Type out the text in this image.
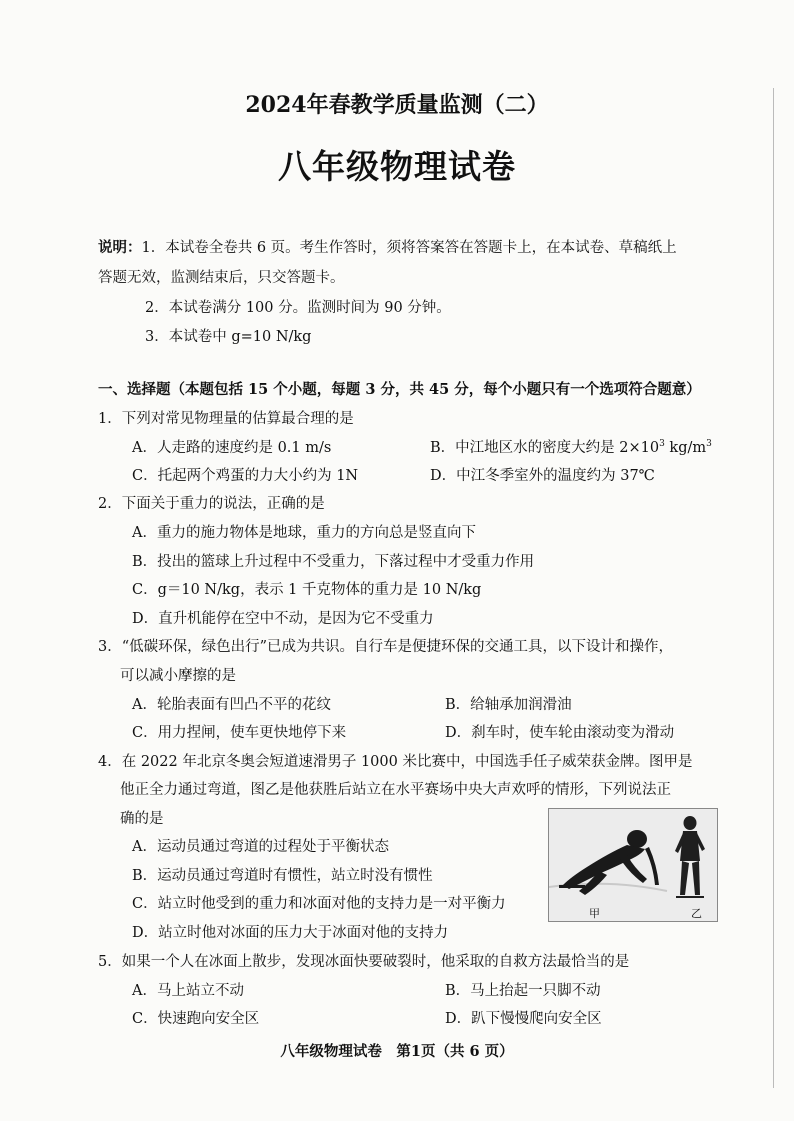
2024年春教学质量监测（二）
八年级物理试卷
说明：1．本试卷全卷共 6 页。考生作答时，须将答案答在答题卡上，在本试卷、草稿纸上
答题无效，监测结束后，只交答题卡。
2．本试卷满分 100 分。监测时间为 90 分钟。
3．本试卷中 g=10 N/kg
一、选择题（本题包括 15 个小题，每题 3 分，共 45 分，每个小题只有一个选项符合题意）
1．下列对常见物理量的估算最合理的是
A．人走路的速度约是 0.1 m/s	B．中江地区水的密度大约是 $2\times 10^3$ $kg/m^3$
C．托起两个鸡蛋的力大小约为 1N	D．中江冬季室外的温度约为 37℃
2．下面关于重力的说法，正确的是
A．重力的施力物体是地球，重力的方向总是竖直向下
B．投出的篮球上升过程中不受重力，下落过程中才受重力作用
C．g＝10 N/kg，表示 1 千克物体的重力是 10 N/kg
D．直升机能停在空中不动，是因为它不受重力
3．“低碳环保，绿色出行”已成为共识。自行车是便捷环保的交通工具，以下设计和操作，
可以减小摩擦的是
A．轮胎表面有凹凸不平的花纹	B．给轴承加润滑油
C．用力捏闸，使车更快地停下来	D．刹车时，使车轮由滚动变为滑动
4．在 2022 年北京冬奥会短道速滑男子 1000 米比赛中，中国选手任子威荣获金牌。图甲是
他正全力通过弯道，图乙是他获胜后站立在水平赛场中央大声欢呼的情形，下列说法正
确的是
A．运动员通过弯道的过程处于平衡状态
B．运动员通过弯道时有惯性，站立时没有惯性
C．站立时他受到的重力和冰面对他的支持力是一对平衡力
D．站立时他对冰面的压力大于冰面对他的支持力
甲	乙
5．如果一个人在冰面上散步，发现冰面快要破裂时，他采取的自救方法最恰当的是
A．马上站立不动	B．马上抬起一只脚不动
C．快速跑向安全区	D．趴下慢慢爬向安全区
八年级物理试卷　第1页（共 6 页）
